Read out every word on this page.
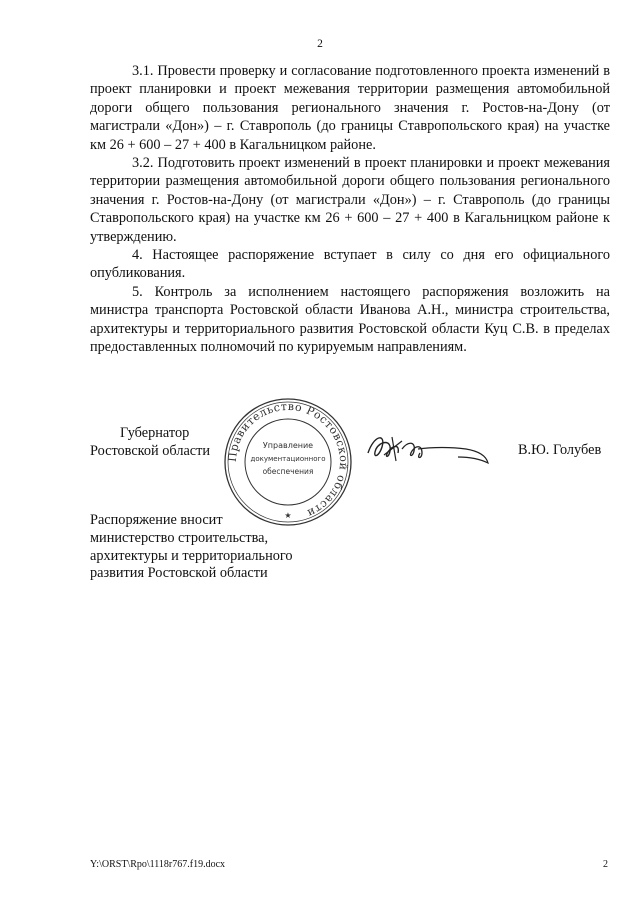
2

3.1. Провести проверку и согласование подготовленного проекта изменений в проект планировки и проект межевания территории размещения автомобильной дороги общего пользования регионального значения г. Ростов-на-Дону (от магистрали «Дон») – г. Ставрополь (до границы Ставропольского края) на участке км 26 + 600 – 27 + 400 в Кагальницком районе.

3.2. Подготовить проект изменений в проект планировки и проект межевания территории размещения автомобильной дороги общего пользования регионального значения г. Ростов-на-Дону (от магистрали «Дон») – г. Ставрополь (до границы Ставропольского края) на участке км 26 + 600 – 27 + 400 в Кагальницком районе к утверждению.

4. Настоящее распоряжение вступает в силу со дня его официального опубликования.

5. Контроль за исполнением настоящего распоряжения возложить на министра транспорта Ростовской области Иванова А.Н., министра строительства, архитектуры и территориального развития Ростовской области Куц С.В. в пределах предоставленных полномочий по курируемым направлениям.

Губернатор
Ростовской области Правительство Ростовской области
Управление
документационного
обеспечения
★
В.Ю. Голубев
Распоряжение вносит
министерство строительства,
архитектуры и территориального
развития Ростовской области
Y:\ORST\Rpo\1118r767.f19.docx	2
